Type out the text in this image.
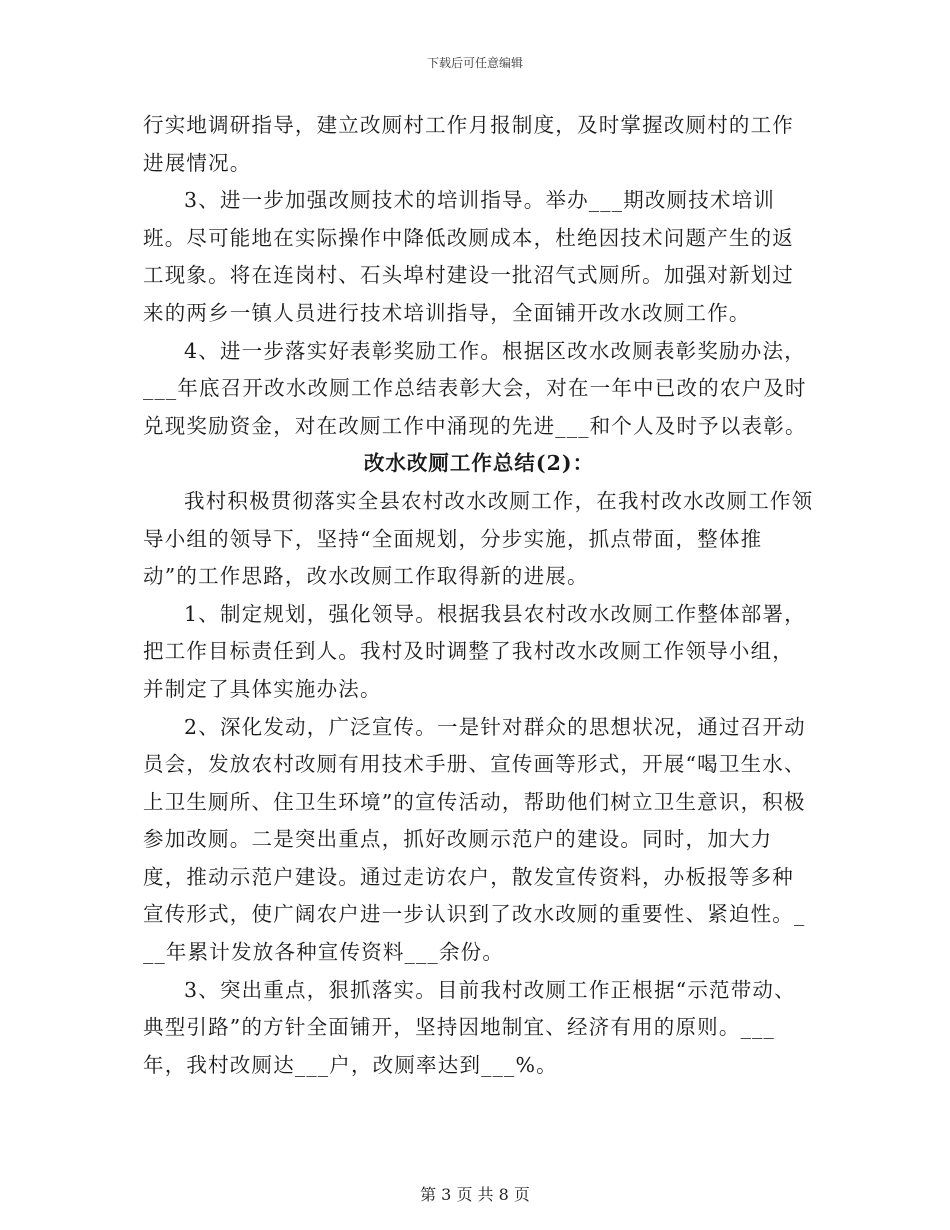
下载后可任意编辑

行实地调研指导，建立改厕村工作月报制度，及时掌握改厕村的工作进展情况。

3、进一步加强改厕技术的培训指导。举办___期改厕技术培训班。尽可能地在实际操作中降低改厕成本，杜绝因技术问题产生的返工现象。将在连岗村、石头埠村建设一批沼气式厕所。加强对新划过来的两乡一镇人员进行技术培训指导，全面铺开改水改厕工作。

4、进一步落实好表彰奖励工作。根据区改水改厕表彰奖励办法，___年底召开改水改厕工作总结表彰大会，对在一年中已改的农户及时兑现奖励资金，对在改厕工作中涌现的先进___和个人及时予以表彰。

改水改厕工作总结(2)：

我村积极贯彻落实全县农村改水改厕工作，在我村改水改厕工作领导小组的领导下，坚持“全面规划，分步实施，抓点带面，整体推动”的工作思路，改水改厕工作取得新的进展。

1、制定规划，强化领导。根据我县农村改水改厕工作整体部署，把工作目标责任到人。我村及时调整了我村改水改厕工作领导小组，并制定了具体实施办法。

2、深化发动，广泛宣传。一是针对群众的思想状况，通过召开动员会，发放农村改厕有用技术手册、宣传画等形式，开展“喝卫生水、上卫生厕所、住卫生环境”的宣传活动，帮助他们树立卫生意识，积极参加改厕。二是突出重点，抓好改厕示范户的建设。同时，加大力度，推动示范户建设。通过走访农户，散发宣传资料，办板报等多种宣传形式，使广阔农户进一步认识到了改水改厕的重要性、紧迫性。___年累计发放各种宣传资料___余份。

3、突出重点，狠抓落实。目前我村改厕工作正根据“示范带动、典型引路”的方针全面铺开，坚持因地制宜、经济有用的原则。___年，我村改厕达___户，改厕率达到___%。

第 3 页 共 8 页
